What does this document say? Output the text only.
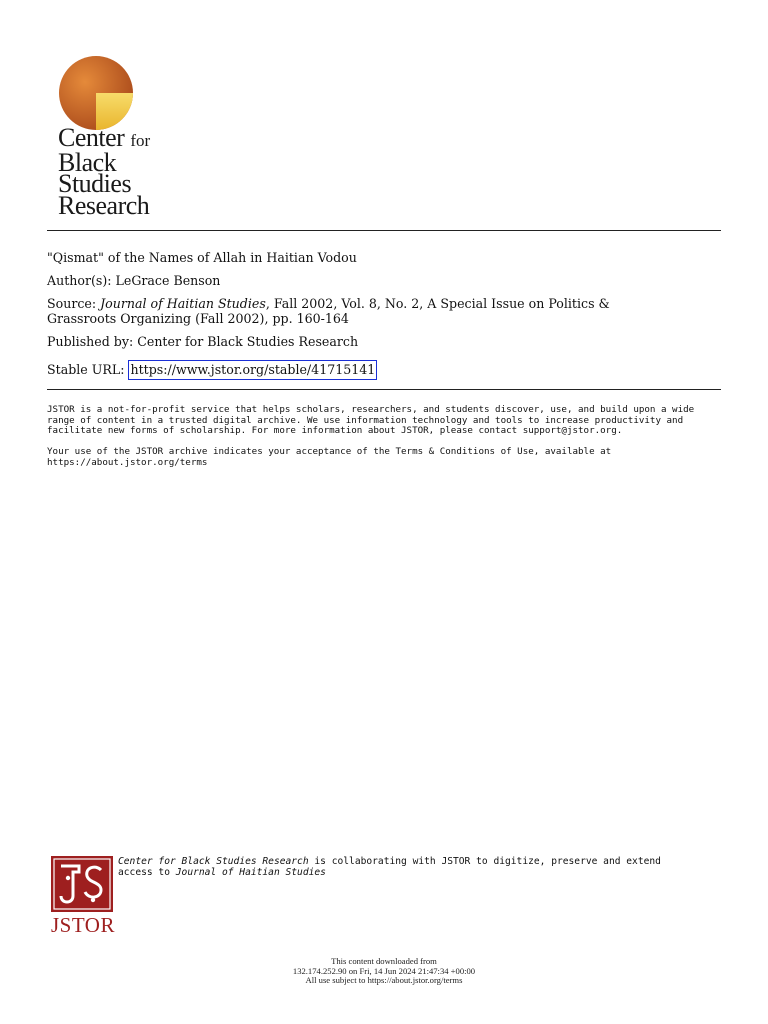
Center for
Black
Studies
Research
"Qismat" of the Names of Allah in Haitian Vodou
Author(s): LeGrace Benson
Source: Journal of Haitian Studies, Fall 2002, Vol. 8, No. 2, A Special Issue on Politics &
Grassroots Organizing (Fall 2002), pp. 160-164
Published by: Center for Black Studies Research
Stable URL: https://www.jstor.org/stable/41715141
JSTOR is a not-for-profit service that helps scholars, researchers, and students discover, use, and build upon a wide
range of content in a trusted digital archive. We use information technology and tools to increase productivity and
facilitate new forms of scholarship. For more information about JSTOR, please contact support@jstor.org.
Your use of the JSTOR archive indicates your acceptance of the Terms & Conditions of Use, available at
https://about.jstor.org/terms
JSTOR
Center for Black Studies Research is collaborating with JSTOR to digitize, preserve and extend
access to Journal of Haitian Studies
This content downloaded from
132.174.252.90 on Fri, 14 Jun 2024 21:47:34 +00:00
All use subject to https://about.jstor.org/terms
